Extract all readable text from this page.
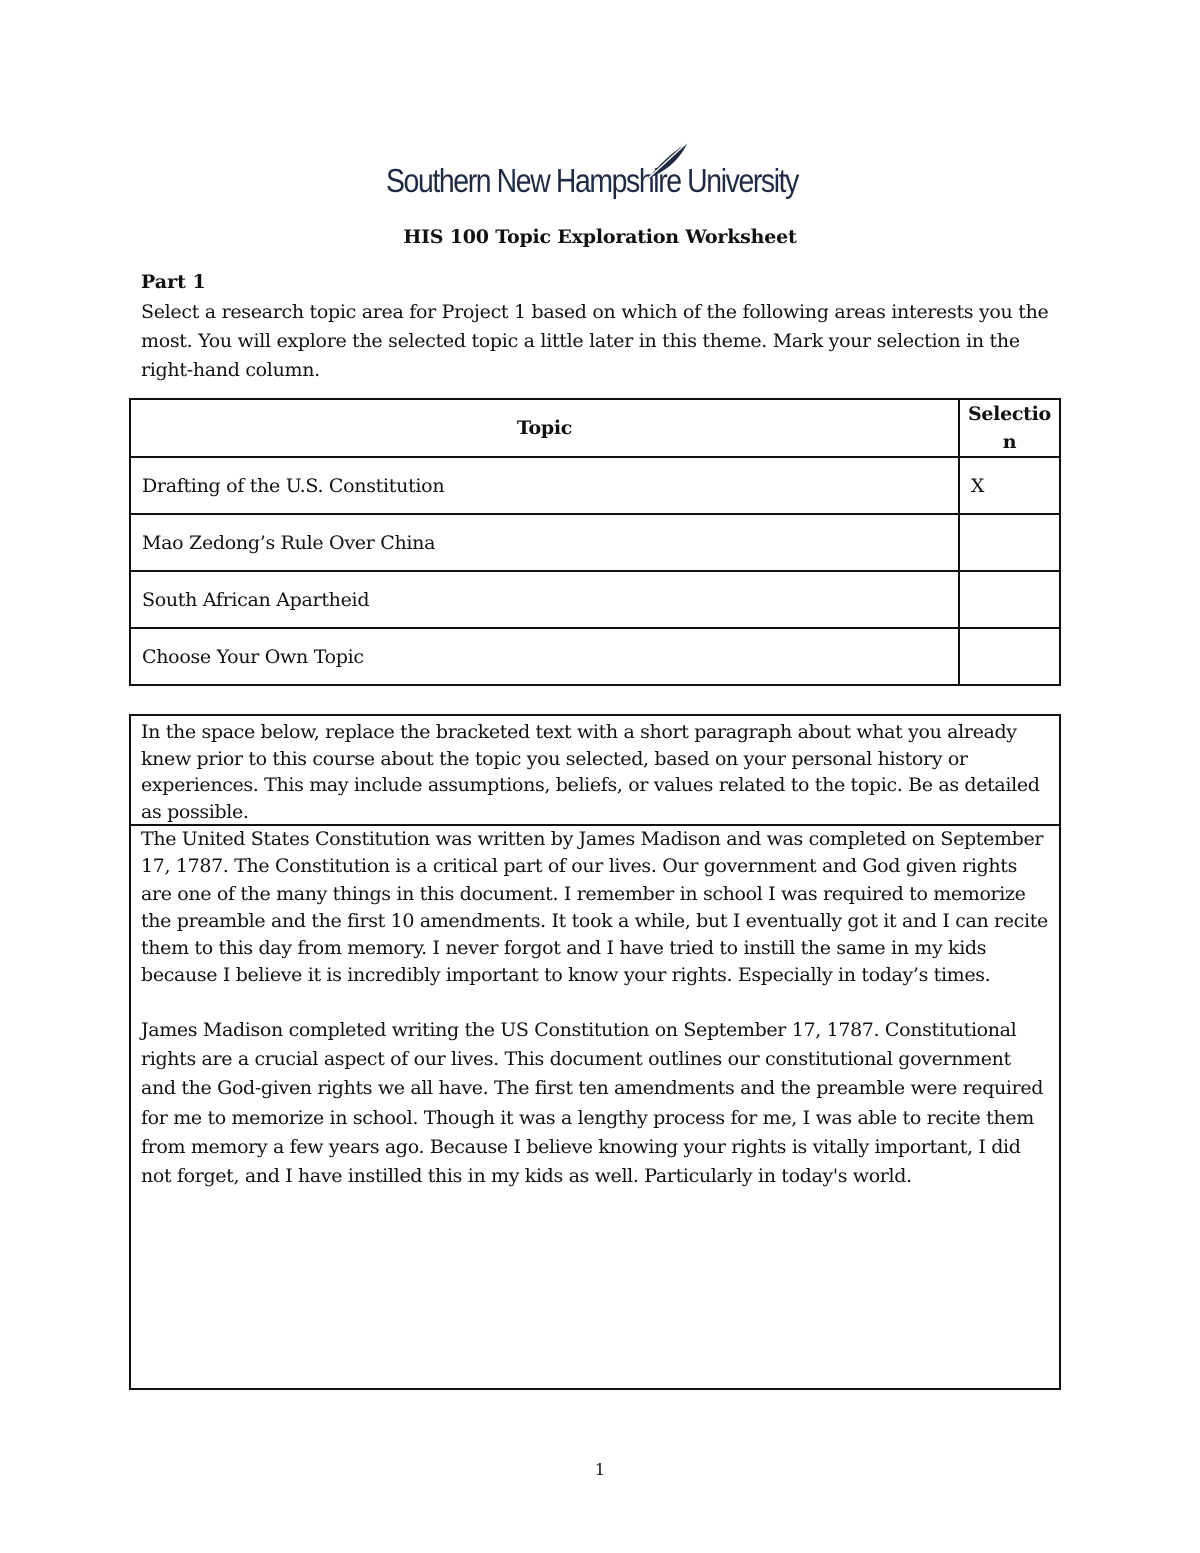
Southern New Hampshire University
HIS 100 Topic Exploration Worksheet
Part 1
Select a research topic area for Project 1 based on which of the following areas interests you the most. You will explore the selected topic a little later in this theme. Mark your selection in the right-hand column.
Topic	Selection
Drafting of the U.S. Constitution	X
Mao Zedong’s Rule Over China	
South African Apartheid	
Choose Your Own Topic	
In the space below, replace the bracketed text with a short paragraph about what you already knew prior to this course about the topic you selected, based on your personal history or experiences. This may include assumptions, beliefs, or values related to the topic. Be as detailed as possible.

The United States Constitution was written by James Madison and was completed on September 17, 1787. The Constitution is a critical part of our lives. Our government and God given rights are one of the many things in this document. I remember in school I was required to memorize the preamble and the first 10 amendments. It took a while, but I eventually got it and I can recite them to this day from memory. I never forgot and I have tried to instill the same in my kids because I believe it is incredibly important to know your rights. Especially in today’s times.

James Madison completed writing the US Constitution on September 17, 1787. Constitutional rights are a crucial aspect of our lives. This document outlines our constitutional government and the God-given rights we all have. The first ten amendments and the preamble were required for me to memorize in school. Though it was a lengthy process for me, I was able to recite them from memory a few years ago. Because I believe knowing your rights is vitally important, I did not forget, and I have instilled this in my kids as well. Particularly in today's world.

1
